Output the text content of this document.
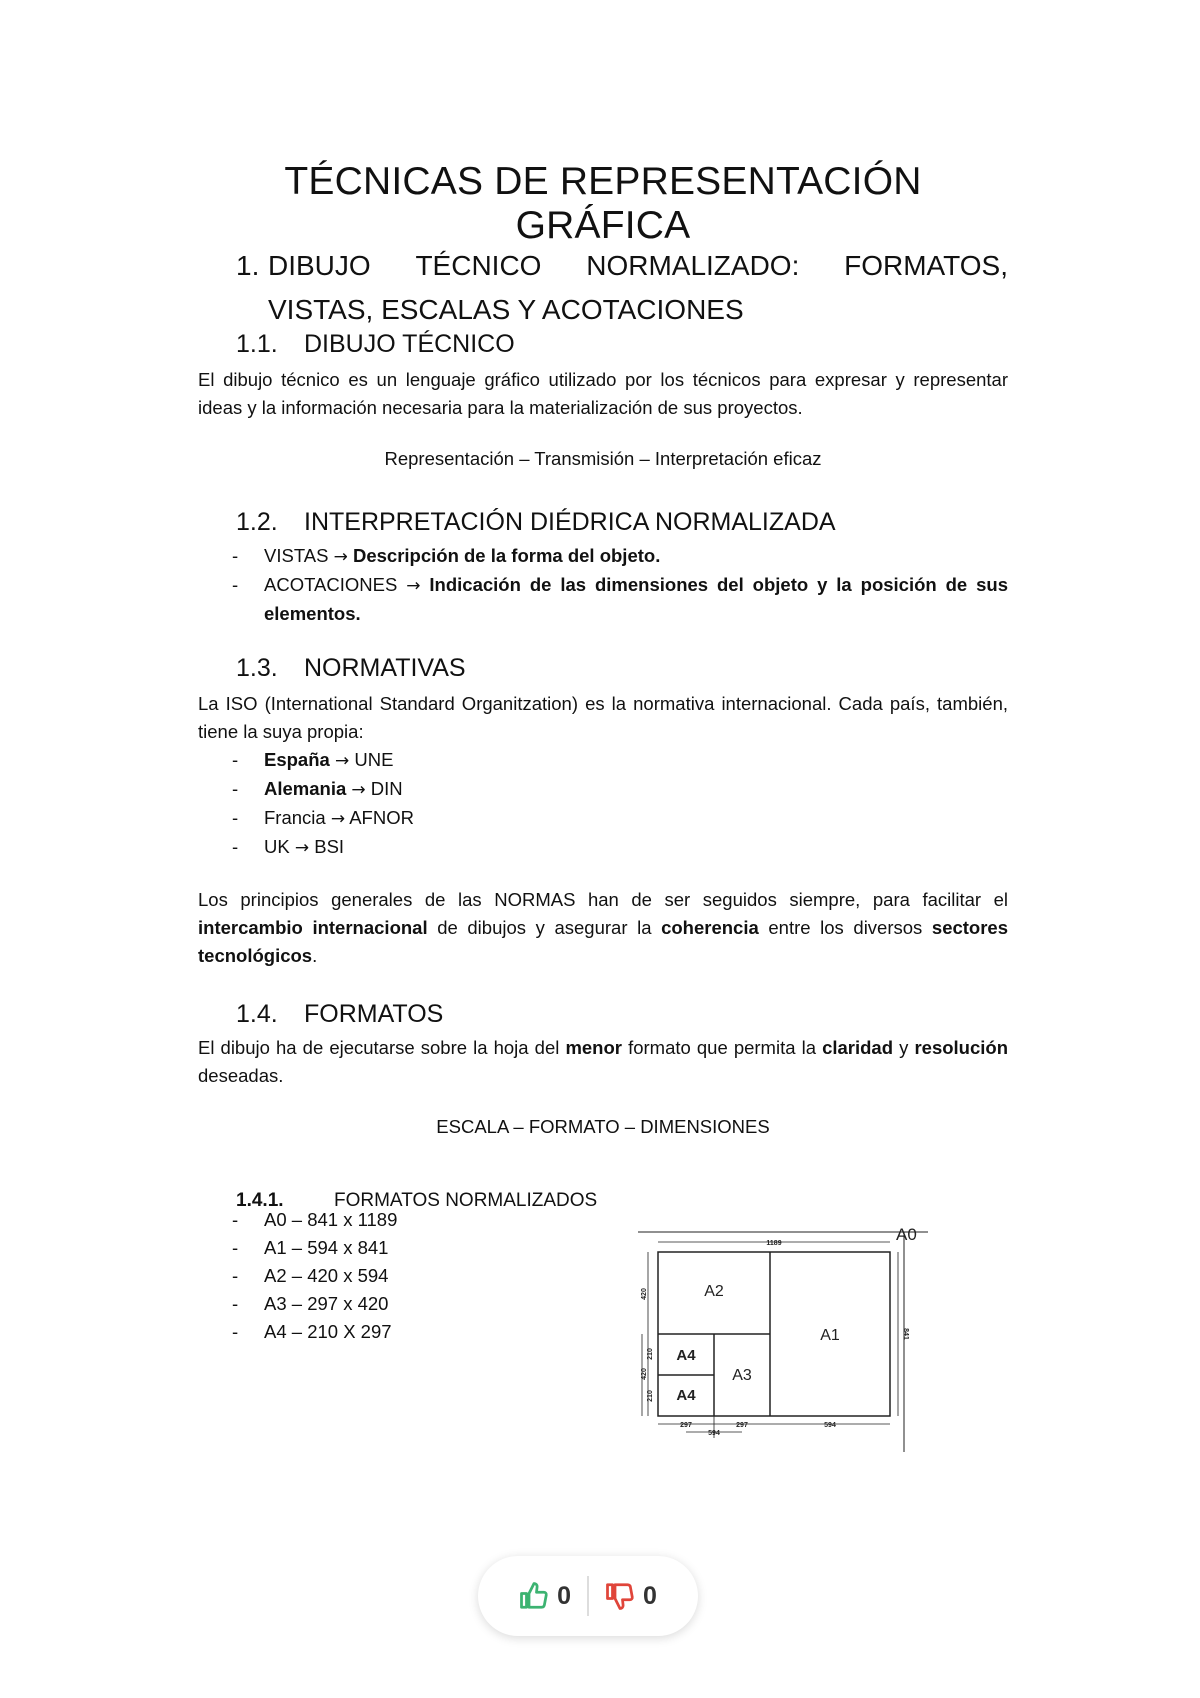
TÉCNICAS DE REPRESENTACIÓN GRÁFICA
1. DIBUJO TÉCNICO NORMALIZADO: FORMATOS,
VISTAS, ESCALAS Y ACOTACIONES
1.1. DIBUJO TÉCNICO
El dibujo técnico es un lenguaje gráfico utilizado por los técnicos para expresar y representar ideas y la información necesaria para la materialización de sus proyectos.
Representación – Transmisión – Interpretación eficaz
1.2. INTERPRETACIÓN DIÉDRICA NORMALIZADA
- VISTAS → Descripción de la forma del objeto.
- ACOTACIONES → Indicación de las dimensiones del objeto y la posición de sus elementos.
1.3. NORMATIVAS
La ISO (International Standard Organitzation) es la normativa internacional. Cada país, también, tiene la suya propia:
- España → UNE
- Alemania → DIN
- Francia → AFNOR
- UK → BSI
Los principios generales de las NORMAS han de ser seguidos siempre, para facilitar el intercambio internacional de dibujos y asegurar la coherencia entre los diversos sectores tecnológicos.
1.4. FORMATOS
El dibujo ha de ejecutarse sobre la hoja del menor formato que permita la claridad y resolución deseadas.
ESCALA – FORMATO – DIMENSIONES
1.4.1.	FORMATOS NORMALIZADOS
- A0 – 841 x 1189
- A1 – 594 x 841
- A2 – 420 x 594
- A3 – 297 x 420
- A4 – 210 X 297
A0
A1
A2
A3
A4
A4
1189
841
420
210
420
210
297	297
594
594
0	0
